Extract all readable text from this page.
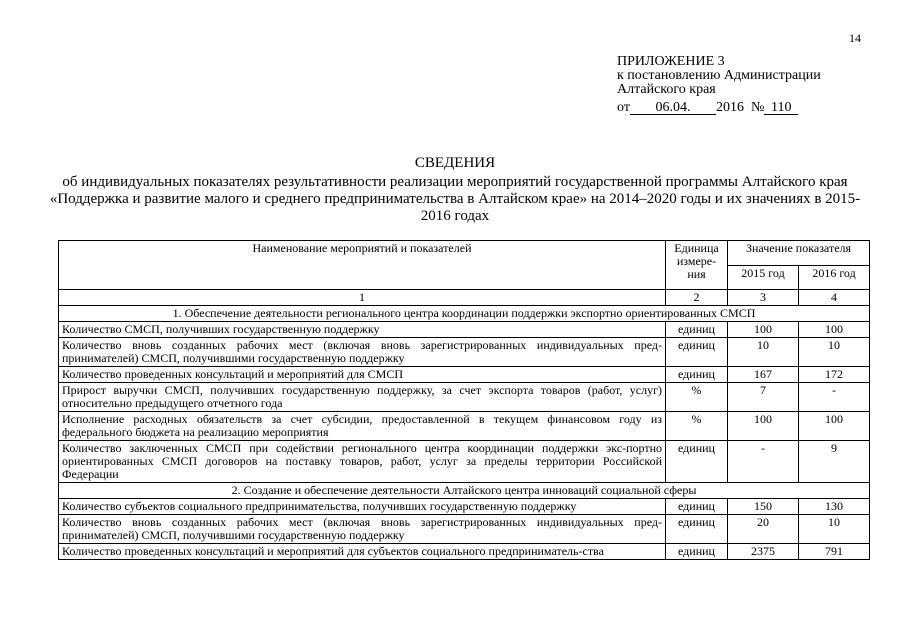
14
ПРИЛОЖЕНИЕ 3
к постановлению Администрации
Алтайского края
от 06.04. 2016 № 110
СВЕДЕНИЯ
об индивидуальных показателях результативности реализации мероприятий государственной программы Алтайского края «Поддержка и развитие малого и среднего предпринимательства в Алтайском крае» на 2014–2020 годы и их значениях в 2015-2016 годах
Наименование мероприятий и показателей	Единица измере-ния	Значение показателя	
		2015 год	2016 год
1	2	3	4
1. Обеспечение деятельности регионального центра координации поддержки экспортно ориентированных СМСП			
Количество СМСП, получивших государственную поддержку	единиц	100	100
Количество вновь созданных рабочих мест (включая вновь зарегистрированных индивидуальных пред-принимателей) СМСП, получившими государственную поддержку	единиц	10	10
Количество проведенных консультаций и мероприятий для СМСП	единиц	167	172
Прирост выручки СМСП, получивших государственную поддержку, за счет экспорта товаров (работ, услуг) относительно предыдущего отчетного года	%	7	-
Исполнение расходных обязательств за счет субсидии, предоставленной в текущем финансовом году из федерального бюджета на реализацию мероприятия	%	100	100
Количество заключенных СМСП при содействии регионального центра координации поддержки экс-портно ориентированных СМСП договоров на поставку товаров, работ, услуг за пределы территории Российской Федерации	единиц	-	9
2. Создание и обеспечение деятельности Алтайского центра инноваций социальной сферы			
Количество субъектов социального предпринимательства, получивших государственную поддержку	единиц	150	130
Количество вновь созданных рабочих мест (включая вновь зарегистрированных индивидуальных пред-принимателей) СМСП, получившими государственную поддержку	единиц	20	10
Количество проведенных консультаций и мероприятий для субъектов социального предприниматель-ства	единиц	2375	791
